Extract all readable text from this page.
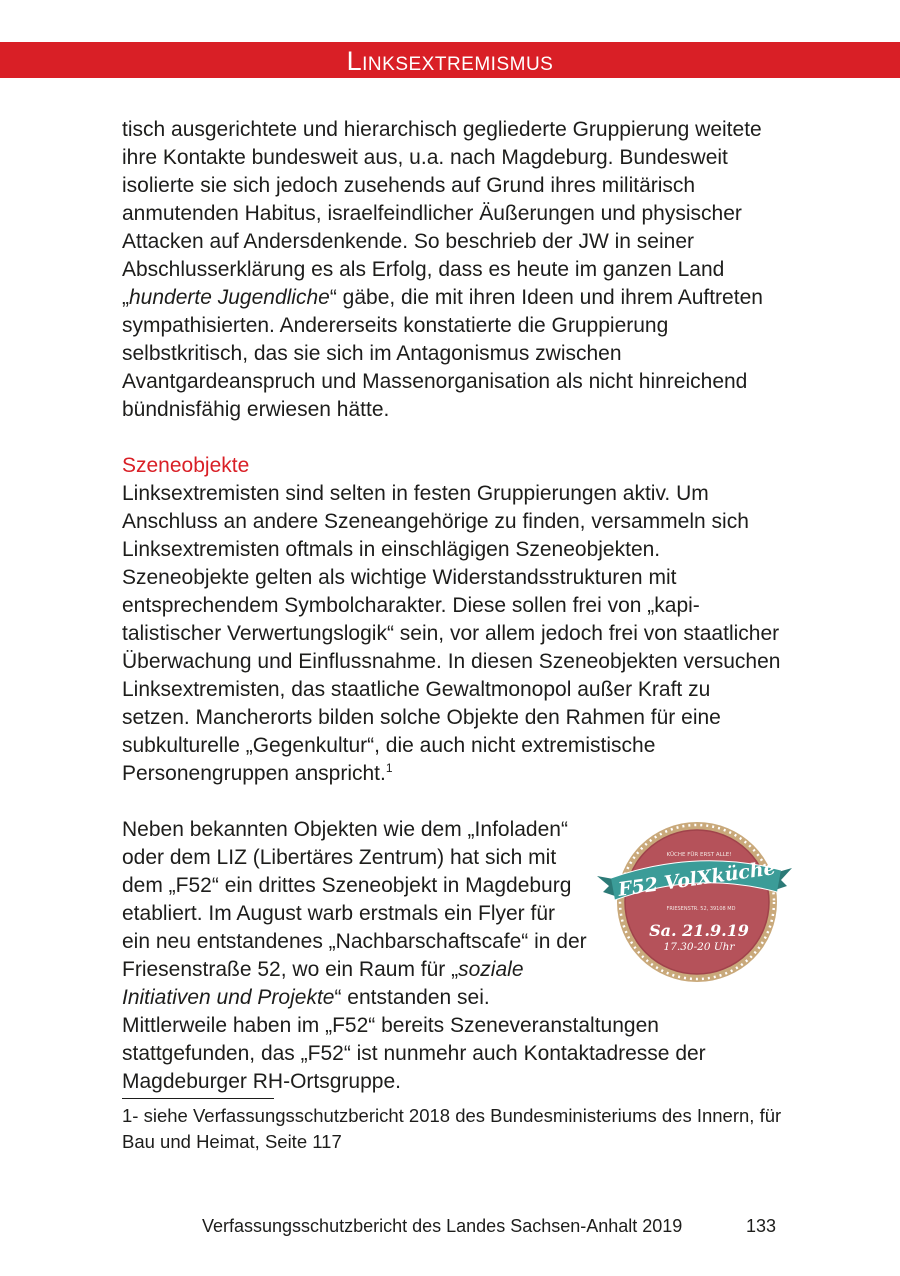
Linksextremismus

tisch ausgerichtete und hierarchisch gegliederte Gruppierung weitete ihre Kontakte bundesweit aus, u.a. nach Magdeburg. Bundesweit isolierte sie sich jedoch zusehends auf Grund ihres militärisch anmutenden Habitus, israelfeindlicher Äußerungen und physischer Attacken auf Andersdenkende. So beschrieb der JW in seiner Abschlusserklärung es als Erfolg, dass es heute im ganzen Land „hunderte Jugendliche“ gäbe, die mit ihren Ideen und ihrem Auftreten sympathisierten. Andererseits konstatierte die Gruppierung selbstkritisch, das sie sich im Antagonismus zwischen Avantgardeanspruch und Massenorganisation als nicht hinreichend bündnisfähig erwiesen hätte.

Szeneobjekte

Linksextremisten sind selten in festen Gruppierungen aktiv. Um Anschluss an andere Szeneangehörige zu finden, versammeln sich Linksextremisten oftmals in einschlägigen Szeneobjekten. Szeneobjekte gelten als wichtige Widerstandsstrukturen mit entsprechendem Symbolcharakter. Diese sollen frei von „kapitalistischer Verwertungslogik“ sein, vor allem jedoch frei von staatlicher Überwachung und Einflussnahme. In diesen Szeneobjekten versuchen Linksextremisten, das staatliche Gewaltmonopol außer Kraft zu setzen. Mancherorts bilden solche Objekte den Rahmen für eine subkulturelle „Gegenkultur“, die auch nicht extremistische Personengruppen anspricht.$^1$

KÜCHE FÜR ERST ALLE!
F52 VolXküche
FRIESENSTR. 52, 39108 MD
Sa. 21.9.19
17.30-20 Uhr
Neben bekannten Objekten wie dem „Infoladen“ oder dem LIZ (Libertäres Zentrum) hat sich mit dem „F52“ ein drittes Szeneobjekt in Magdeburg etabliert. Im August warb erstmals ein Flyer für ein neu entstandenes „Nachbarschaftscafe“ in der Friesenstraße 52, wo ein Raum für „soziale Initiativen und Projekte“ entstanden sei. Mittlerweile haben im „F52“ bereits Szeneveranstaltungen stattgefunden, das „F52“ ist nunmehr auch Kontaktadresse der Magdeburger RH-Ortsgruppe.

1- siehe Verfassungsschutzbericht 2018 des Bundesministeriums des Innern, für Bau und Heimat, Seite 117

Verfassungsschutzbericht des Landes Sachsen-Anhalt 2019	133
